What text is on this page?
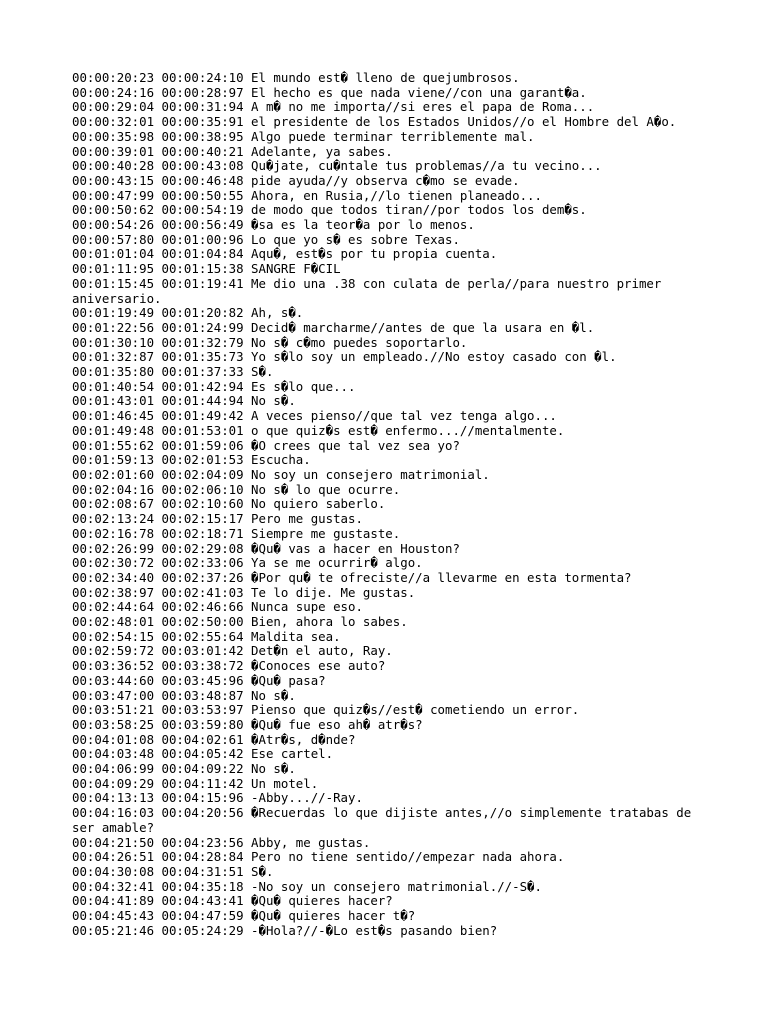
00:00:20:23 00:00:24:10 El mundo est� lleno de quejumbrosos.
00:00:24:16 00:00:28:97 El hecho es que nada viene//con una garant�a.
00:00:29:04 00:00:31:94 A m� no me importa//si eres el papa de Roma...
00:00:32:01 00:00:35:91 el presidente de los Estados Unidos//o el Hombre del A�o.
00:00:35:98 00:00:38:95 Algo puede terminar terriblemente mal.
00:00:39:01 00:00:40:21 Adelante, ya sabes.
00:00:40:28 00:00:43:08 Qu�jate, cu�ntale tus problemas//a tu vecino...
00:00:43:15 00:00:46:48 pide ayuda//y observa c�mo se evade.
00:00:47:99 00:00:50:55 Ahora, en Rusia,//lo tienen planeado...
00:00:50:62 00:00:54:19 de modo que todos tiran//por todos los dem�s.
00:00:54:26 00:00:56:49 �sa es la teor�a por lo menos.
00:00:57:80 00:01:00:96 Lo que yo s� es sobre Texas.
00:01:01:04 00:01:04:84 Aqu�, est�s por tu propia cuenta.
00:01:11:95 00:01:15:38 SANGRE F�CIL
00:01:15:45 00:01:19:41 Me dio una .38 con culata de perla//para nuestro primer aniversario.
00:01:19:49 00:01:20:82 Ah, s�.
00:01:22:56 00:01:24:99 Decid� marcharme//antes de que la usara en �l.
00:01:30:10 00:01:32:79 No s� c�mo puedes soportarlo.
00:01:32:87 00:01:35:73 Yo s�lo soy un empleado.//No estoy casado con �l.
00:01:35:80 00:01:37:33 S�.
00:01:40:54 00:01:42:94 Es s�lo que...
00:01:43:01 00:01:44:94 No s�.
00:01:46:45 00:01:49:42 A veces pienso//que tal vez tenga algo...
00:01:49:48 00:01:53:01 o que quiz�s est� enfermo...//mentalmente.
00:01:55:62 00:01:59:06 �O crees que tal vez sea yo?
00:01:59:13 00:02:01:53 Escucha.
00:02:01:60 00:02:04:09 No soy un consejero matrimonial.
00:02:04:16 00:02:06:10 No s� lo que ocurre.
00:02:08:67 00:02:10:60 No quiero saberlo.
00:02:13:24 00:02:15:17 Pero me gustas.
00:02:16:78 00:02:18:71 Siempre me gustaste.
00:02:26:99 00:02:29:08 �Qu� vas a hacer en Houston?
00:02:30:72 00:02:33:06 Ya se me ocurrir� algo.
00:02:34:40 00:02:37:26 �Por qu� te ofreciste//a llevarme en esta tormenta?
00:02:38:97 00:02:41:03 Te lo dije. Me gustas.
00:02:44:64 00:02:46:66 Nunca supe eso.
00:02:48:01 00:02:50:00 Bien, ahora lo sabes.
00:02:54:15 00:02:55:64 Maldita sea.
00:02:59:72 00:03:01:42 Det�n el auto, Ray.
00:03:36:52 00:03:38:72 �Conoces ese auto?
00:03:44:60 00:03:45:96 �Qu� pasa?
00:03:47:00 00:03:48:87 No s�.
00:03:51:21 00:03:53:97 Pienso que quiz�s//est� cometiendo un error.
00:03:58:25 00:03:59:80 �Qu� fue eso ah� atr�s?
00:04:01:08 00:04:02:61 �Atr�s, d�nde?
00:04:03:48 00:04:05:42 Ese cartel.
00:04:06:99 00:04:09:22 No s�.
00:04:09:29 00:04:11:42 Un motel.
00:04:13:13 00:04:15:96 -Abby...//-Ray.
00:04:16:03 00:04:20:56 �Recuerdas lo que dijiste antes,//o simplemente tratabas de ser amable?
00:04:21:50 00:04:23:56 Abby, me gustas.
00:04:26:51 00:04:28:84 Pero no tiene sentido//empezar nada ahora.
00:04:30:08 00:04:31:51 S�.
00:04:32:41 00:04:35:18 -No soy un consejero matrimonial.//-S�.
00:04:41:89 00:04:43:41 �Qu� quieres hacer?
00:04:45:43 00:04:47:59 �Qu� quieres hacer t�?
00:05:21:46 00:05:24:29 -�Hola?//-�Lo est�s pasando bien?
